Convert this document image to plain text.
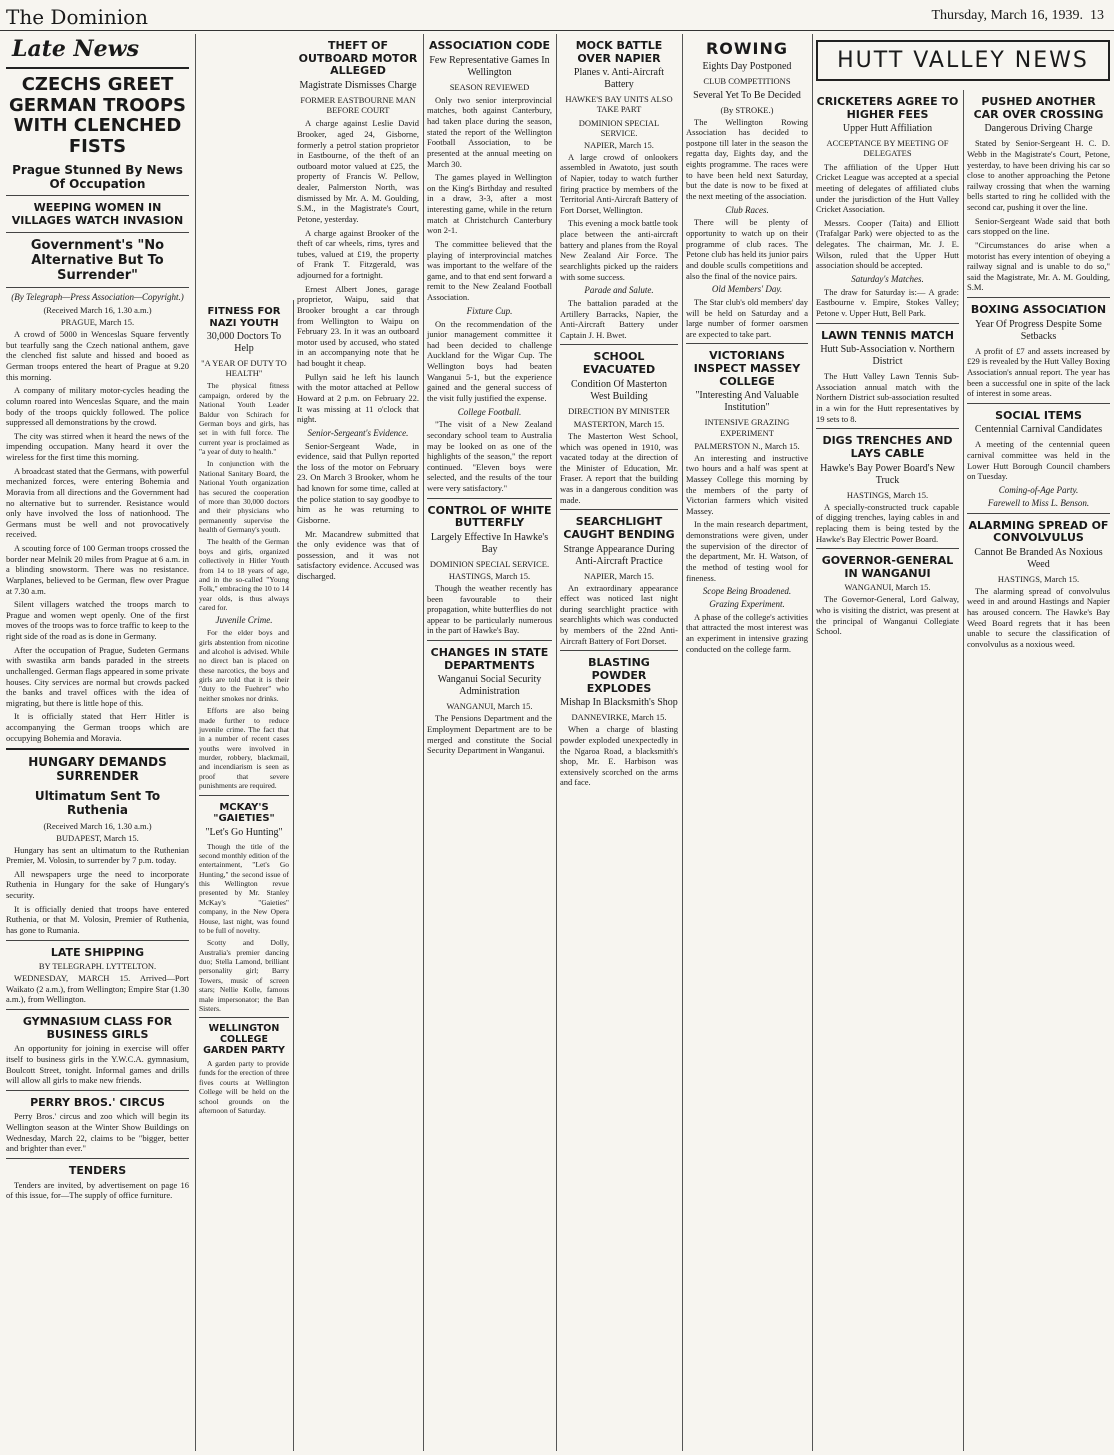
The Dominion	Thursday, March 16, 1939. 13
Late News
CZECHS GREET GERMAN TROOPS WITH CLENCHED FISTS
Prague Stunned By News Of Occupation
WEEPING WOMEN IN VILLAGES WATCH INVASION
Government's "No Alternative But To Surrender"
(By Telegraph—Press Association—Copyright.)
(Received March 16, 1.30 a.m.)
PRAGUE, March 15.

A crowd of 5000 in Wenceslas Square fervently but tearfully sang the Czech national anthem, gave the clenched fist salute and hissed and booed as German troops entered the heart of Prague at 9.20 this morning.

A company of military motor-cycles heading the column roared into Wenceslas Square, and the main body of the troops quickly followed. The police suppressed all demonstrations by the crowd.

The city was stirred when it heard the news of the impending occupation. Many heard it over the wireless for the first time this morning.

A broadcast stated that the Germans, with powerful mechanized forces, were entering Bohemia and Moravia from all directions and the Government had no alternative but to surrender. Resistance would only have involved the loss of nationhood. The Germans must be well and not provocatively received.

A scouting force of 100 German troops crossed the border near Melnik 20 miles from Prague at 6 a.m. in a blinding snowstorm. There was no resistance. Warplanes, believed to be German, flew over Prague at 7.30 a.m.

Silent villagers watched the troops march to Prague and women wept openly. One of the first moves of the troops was to force traffic to keep to the right side of the road as is done in Germany.

After the occupation of Prague, Sudeten Germans with swastika arm bands paraded in the streets unchallenged. German flags appeared in some private houses. City services are normal but crowds packed the banks and travel offices with the idea of migrating, but there is little hope of this.

It is officially stated that Herr Hitler is accompanying the German troops which are occupying Bohemia and Moravia.

HUNGARY DEMANDS SURRENDER
Ultimatum Sent To Ruthenia
(Received March 16, 1.30 a.m.)
BUDAPEST, March 15.

Hungary has sent an ultimatum to the Ruthenian Premier, M. Volosin, to surrender by 7 p.m. today.

All newspapers urge the need to incorporate Ruthenia in Hungary for the sake of Hungary's security.

It is officially denied that troops have entered Ruthenia, or that M. Volosin, Premier of Ruthenia, has gone to Rumania.

LATE SHIPPING
BY TELEGRAPH. LYTTELTON.

WEDNESDAY, MARCH 15. Arrived—Port Waikato (2 a.m.), from Wellington; Empire Star (1.30 a.m.), from Wellington.

GYMNASIUM CLASS FOR BUSINESS GIRLS

An opportunity for joining in exercise will offer itself to business girls in the Y.W.C.A. gymnasium, Boulcott Street, tonight. Informal games and drills will allow all girls to make new friends.

PERRY BROS.' CIRCUS

Perry Bros.' circus and zoo which will begin its Wellington season at the Winter Show Buildings on Wednesday, March 22, claims to be "bigger, better and brighter than ever."

TENDERS

Tenders are invited, by advertisement on page 16 of this issue, for—The supply of office furniture.

FITNESS FOR NAZI YOUTH
30,000 Doctors To Help
"A YEAR OF DUTY TO HEALTH"

The physical fitness campaign, ordered by the National Youth Leader Baldur von Schirach for German boys and girls, has set in with full force. The current year is proclaimed as "a year of duty to health."

In conjunction with the National Sanitary Board, the National Youth organization has secured the cooperation of more than 30,000 doctors and their physicians who permanently supervise the health of Germany's youth.

The health of the German boys and girls, organized collectively in Hitler Youth from 14 to 18 years of age, and in the so-called "Young Folk," embracing the 10 to 14 year olds, is thus always cared for.

Juvenile Crime.

For the elder boys and girls abstention from nicotine and alcohol is advised. While no direct ban is placed on these narcotics, the boys and girls are told that it is their "duty to the Fuehrer" who neither smokes nor drinks.

Efforts are also being made further to reduce juvenile crime. The fact that in a number of recent cases youths were involved in murder, robbery, blackmail, and incendiarism is seen as proof that severe punishments are required.

MCKAY'S "GAIETIES"
"Let's Go Hunting"

Though the title of the second monthly edition of the entertainment, "Let's Go Hunting," the second issue of this Wellington revue presented by Mr. Stanley McKay's "Gaieties" company, in the New Opera House, last night, was found to be full of novelty.

Scotty and Dolly, Australia's premier dancing duo; Stella Lamond, brilliant personality girl; Barry Towers, music of screen stars; Nellie Kolle, famous male impersonator; the Ban Sisters.

WELLINGTON COLLEGE GARDEN PARTY

A garden party to provide funds for the erection of three fives courts at Wellington College will be held on the school grounds on the afternoon of Saturday.

THEFT OF OUTBOARD MOTOR ALLEGED
Magistrate Dismisses Charge
FORMER EASTBOURNE MAN BEFORE COURT

A charge against Leslie David Brooker, aged 24, Gisborne, formerly a petrol station proprietor in Eastbourne, of the theft of an outboard motor valued at £25, the property of Francis W. Pellow, dealer, Palmerston North, was dismissed by Mr. A. M. Goulding, S.M., in the Magistrate's Court, Petone, yesterday.

A charge against Brooker of the theft of car wheels, rims, tyres and tubes, valued at £19, the property of Frank T. Fitzgerald, was adjourned for a fortnight.

Ernest Albert Jones, garage proprietor, Waipu, said that Brooker brought a car through from Wellington to Waipu on February 23. In it was an outboard motor used by accused, who stated in an accompanying note that he had bought it cheap.

Pullyn said he left his launch with the motor attached at Pellow Howard at 2 p.m. on February 22. It was missing at 11 o'clock that night.

Senior-Sergeant's Evidence.

Senior-Sergeant Wade, in evidence, said that Pullyn reported the loss of the motor on February 23. On March 3 Brooker, whom he had known for some time, called at the police station to say goodbye to him as he was returning to Gisborne.

Mr. Macandrew submitted that the only evidence was that of possession, and it was not satisfactory evidence. Accused was discharged.

ASSOCIATION CODE
Few Representative Games In Wellington
SEASON REVIEWED

Only two senior interprovincial matches, both against Canterbury, had taken place during the season, stated the report of the Wellington Football Association, to be presented at the annual meeting on March 30.

The games played in Wellington on the King's Birthday and resulted in a draw, 3-3, after a most interesting game, while in the return match at Christchurch Canterbury won 2-1.

The committee believed that the playing of interprovincial matches was important to the welfare of the game, and to that end sent forward a remit to the New Zealand Football Association.

Fixture Cup.

On the recommendation of the junior management committee it had been decided to challenge Auckland for the Wigar Cup. The Wellington boys had beaten Wanganui 5-1, but the experience gained and the general success of the visit fully justified the expense.

College Football.

"The visit of a New Zealand secondary school team to Australia may be looked on as one of the highlights of the season," the report continued. "Eleven boys were selected, and the results of the tour were very satisfactory."

CONTROL OF WHITE BUTTERFLY
Largely Effective In Hawke's Bay
DOMINION SPECIAL SERVICE.
HASTINGS, March 15.

Though the weather recently has been favourable to their propagation, white butterflies do not appear to be particularly numerous in the part of Hawke's Bay.

CHANGES IN STATE DEPARTMENTS
Wanganui Social Security Administration
WANGANUI, March 15.

The Pensions Department and the Employment Department are to be merged and constitute the Social Security Department in Wanganui.

MOCK BATTLE OVER NAPIER
Planes v. Anti-Aircraft Battery
HAWKE'S BAY UNITS ALSO TAKE PART
DOMINION SPECIAL SERVICE.
NAPIER, March 15.

A large crowd of onlookers assembled in Awatoto, just south of Napier, today to watch further firing practice by members of the Territorial Anti-Aircraft Battery of Fort Dorset, Wellington.

This evening a mock battle took place between the anti-aircraft battery and planes from the Royal New Zealand Air Force. The searchlights picked up the raiders with some success.

Parade and Salute.

The battalion paraded at the Artillery Barracks, Napier, the Anti-Aircraft Battery under Captain J. H. Bwet.

SCHOOL EVACUATED
Condition Of Masterton West Building
DIRECTION BY MINISTER
MASTERTON, March 15.

The Masterton West School, which was opened in 1910, was vacated today at the direction of the Minister of Education, Mr. Fraser. A report that the building was in a dangerous condition was made.

SEARCHLIGHT CAUGHT BENDING
Strange Appearance During Anti-Aircraft Practice
NAPIER, March 15.

An extraordinary appearance effect was noticed last night during searchlight practice with searchlights which was conducted by members of the 22nd Anti-Aircraft Battery of Fort Dorset.

BLASTING POWDER EXPLODES
Mishap In Blacksmith's Shop
DANNEVIRKE, March 15.

When a charge of blasting powder exploded unexpectedly in the Ngaroa Road, a blacksmith's shop, Mr. E. Harbison was extensively scorched on the arms and face.

ROWING
Eights Day Postponed
CLUB COMPETITIONS
Several Yet To Be Decided
(By STROKE.)

The Wellington Rowing Association has decided to postpone till later in the season the regatta day, Eights day, and the eights programme. The races were to have been held next Saturday, but the date is now to be fixed at the next meeting of the association.

Club Races.

There will be plenty of opportunity to watch up on their programme of club races. The Petone club has held its junior pairs and double sculls competitions and also the final of the novice pairs.

Old Members' Day.

The Star club's old members' day will be held on Saturday and a large number of former oarsmen are expected to take part.

VICTORIANS INSPECT MASSEY COLLEGE
"Interesting And Valuable Institution"
INTENSIVE GRAZING EXPERIMENT
PALMERSTON N., March 15.

An interesting and instructive two hours and a half was spent at Massey College this morning by the members of the party of Victorian farmers which visited Massey.

In the main research department, demonstrations were given, under the supervision of the director of the department, Mr. H. Watson, of the method of testing wool for fineness.

Scope Being Broadened.
Grazing Experiment.

A phase of the college's activities that attracted the most interest was an experiment in intensive grazing conducted on the college farm.

HUTT VALLEY NEWS
CRICKETERS AGREE TO HIGHER FEES
Upper Hutt Affiliation
ACCEPTANCE BY MEETING OF DELEGATES

The affiliation of the Upper Hutt Cricket League was accepted at a special meeting of delegates of affiliated clubs under the jurisdiction of the Hutt Valley Cricket Association.

Messrs. Cooper (Taita) and Elliott (Trafalgar Park) were objected to as the delegates. The chairman, Mr. J. E. Wilson, ruled that the Upper Hutt association should be accepted.

Saturday's Matches.

The draw for Saturday is:— A grade: Eastbourne v. Empire, Stokes Valley; Petone v. Upper Hutt, Bell Park.

LAWN TENNIS MATCH
Hutt Sub-Association v. Northern District

The Hutt Valley Lawn Tennis Sub-Association annual match with the Northern District sub-association resulted in a win for the Hutt representatives by 19 sets to 8.

DIGS TRENCHES AND LAYS CABLE
Hawke's Bay Power Board's New Truck
HASTINGS, March 15.

A specially-constructed truck capable of digging trenches, laying cables in and replacing them is being tested by the Hawke's Bay Electric Power Board.

GOVERNOR-GENERAL IN WANGANUI
WANGANUI, March 15.

The Governor-General, Lord Galway, who is visiting the district, was present at the principal of Wanganui Collegiate School.

PUSHED ANOTHER CAR OVER CROSSING
Dangerous Driving Charge

Stated by Senior-Sergeant H. C. D. Webb in the Magistrate's Court, Petone, yesterday, to have been driving his car so close to another approaching the Petone railway crossing that when the warning bells started to ring he collided with the second car, pushing it over the line.

Senior-Sergeant Wade said that both cars stopped on the line.

"Circumstances do arise when a motorist has every intention of obeying a railway signal and is unable to do so," said the Magistrate, Mr. A. M. Goulding, S.M.

BOXING ASSOCIATION
Year Of Progress Despite Some Setbacks

A profit of £7 and assets increased by £29 is revealed by the Hutt Valley Boxing Association's annual report. The year has been a successful one in spite of the lack of interest in some areas.

SOCIAL ITEMS
Centennial Carnival Candidates

A meeting of the centennial queen carnival committee was held in the Lower Hutt Borough Council chambers on Tuesday.

Coming-of-Age Party.
Farewell to Miss L. Benson.
ALARMING SPREAD OF CONVOLVULUS
Cannot Be Branded As Noxious Weed
HASTINGS, March 15.

The alarming spread of convolvulus weed in and around Hastings and Napier has aroused concern. The Hawke's Bay Weed Board regrets that it has been unable to secure the classification of convolvulus as a noxious weed.
